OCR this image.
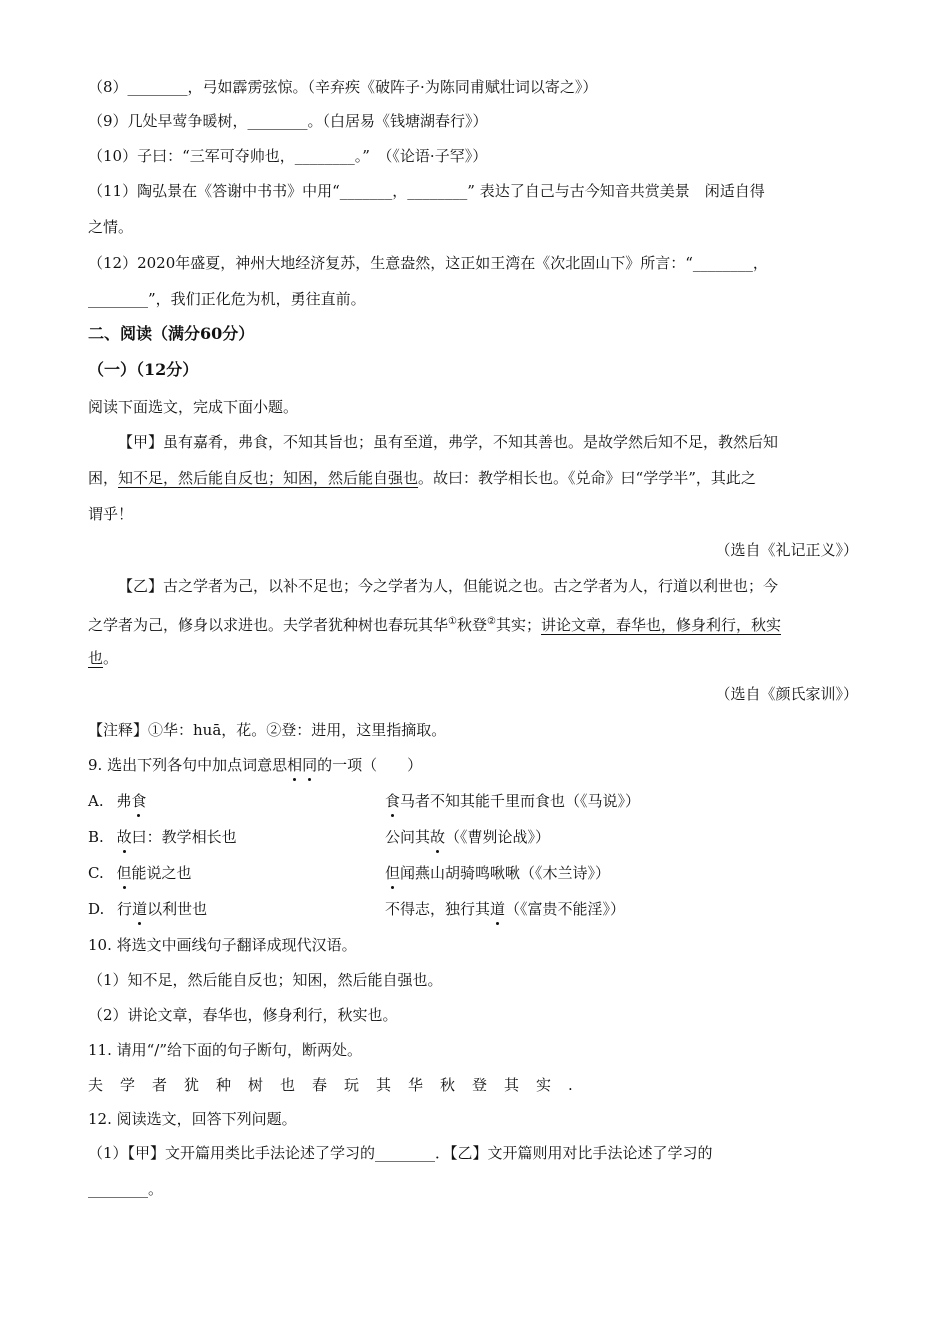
（8）________，弓如霹雳弦惊。（辛弃疾《破阵子·为陈同甫赋壮词以寄之》）
（9）几处早莺争暖树，________。（白居易《钱塘湖春行》）
（10）子曰：“三军可夺帅也，________。”　（《论语·子罕》）
（11）陶弘景在《答谢中书书》中用“_______，________” 表达了自己与古今知音共赏美景　闲适自得
之情。
（12）2020年盛夏，神州大地经济复苏，生意盎然，这正如王湾在《次北固山下》所言：“________，
________”，我们正化危为机，勇往直前。
二、阅读（满分60分）
（一）（12分）
阅读下面选文，完成下面小题。
【甲】虽有嘉肴，弗食，不知其旨也；虽有至道，弗学，不知其善也。是故学然后知不足，教然后知
困，知不足，然后能自反也；知困，然后能自强也。故曰：教学相长也。《兑命》曰“学学半”，其此之
谓乎！
（选自《礼记正义》）
【乙】古之学者为己，以补不足也；今之学者为人，但能说之也。古之学者为人，行道以利世也；今
之学者为己，修身以求进也。夫学者犹种树也春玩其华①秋登②其实；讲论文章，春华也，修身利行，秋实
也。
（选自《颜氏家训》）
【注释】①华：huā，花。②登：进用，这里指摘取。
9. 选出下列各句中加点词意思相同的一项（　　）
A. 弗食	食马者不知其能千里而食也（《马说》）
B. 故曰：教学相长也	公问其故（《曹刿论战》）
C. 但能说之也	但闻燕山胡骑鸣啾啾（《木兰诗》）
D. 行道以利世也	不得志，独行其道（《富贵不能淫》）
10. 将选文中画线句子翻译成现代汉语。
（1）知不足，然后能自反也；知困，然后能自强也。
（2）讲论文章，春华也，修身利行，秋实也。
11. 请用“/”给下面的句子断句，断两处。
夫学者犹种树也春玩其华秋登其实.
12. 阅读选文，回答下列问题。
（1）【甲】文开篇用类比手法论述了学习的________．【乙】文开篇则用对比手法论述了学习的
________。
